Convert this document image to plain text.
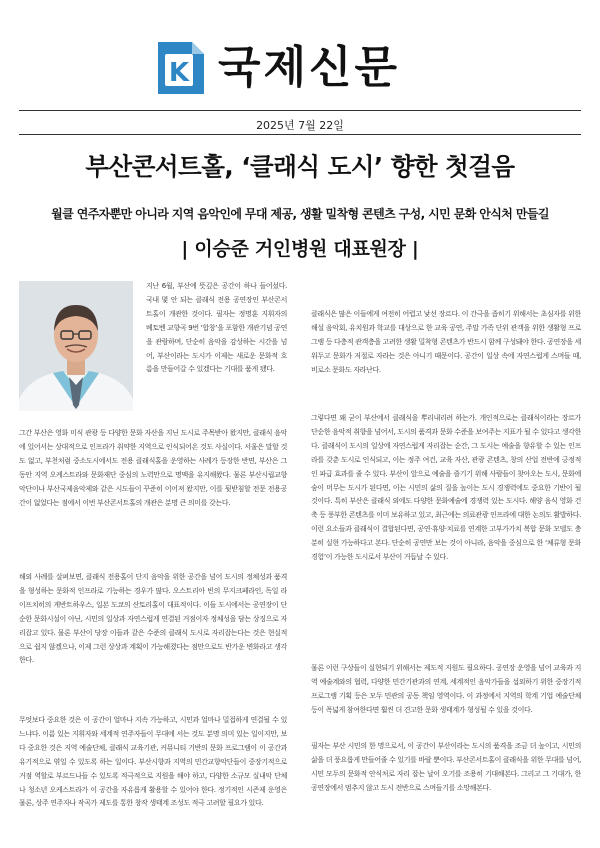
K 국제신문
2025년 7월 22일
부산콘서트홀, ‘클래식 도시’ 향한 첫걸음
월클 연주자뿐만 아니라 지역 음악인에 무대 제공, 생활 밀착형 콘텐츠 구성, 시민 문화 안식처 만들길
| 이승준 거인병원 대표원장 |

지난 6월, 부산에 뜻깊은 공간이 하나 들어섰다. 국내 몇 안 되는 클래식 전용 공연장인 부산콘서트홀이 개관한 것이다. 필자는 정명훈 지휘자의 베토벤 교향곡 9번 ‘합창’을 포함한 개관기념 공연을 관람하며, 단순히 음악을 감상하는 시간을 넘어, 부산이라는 도시가 이제는 새로운 문화적 흐름을 만들어갈 수 있겠다는 기대를 품게 됐다.

그간 부산은 영화 미식 관광 등 다양한 문화 자산을 지닌 도시로 주목받아 왔지만, 클래식 음악에 있어서는 상대적으로 인프라가 취약한 지역으로 인식되어온 것도 사실이다. 서울은 말할 것도 없고, 부천처럼 중소도시에서도 전용 클래식홀을 운영하는 사례가 등장한 반면, 부산은 그동안 지역 오케스트라와 문화재단 중심의 노력만으로 명맥을 유지해왔다. 물론 부산시립교향악단이나 부산국제음악제와 같은 시도들이 꾸준히 이어져 왔지만, 이를 뒷받침할 전문 전용공간이 없었다는 점에서 이번 부산콘서트홀의 개관은 분명 큰 의미를 갖는다.

해외 사례를 살펴보면, 클래식 전용홀이 단지 음악을 위한 공간을 넘어 도시의 정체성과 품격을 형성하는 문화적 인프라로 기능하는 경우가 많다. 오스트리아 빈의 무지크페라인, 독일 라이프치히의 게반트하우스, 일본 도쿄의 산토리홀이 대표적이다. 이들 도시에서는 공연장이 단순한 문화시설이 아닌, 시민의 일상과 자연스럽게 연결된 거점이자 정체성을 담는 상징으로 자리잡고 있다. 물론 부산이 당장 이들과 같은 수준의 클래식 도시로 자리잡는다는 것은 현실적으로 쉽지 않겠으나, 이제 그런 상상과 계획이 가능해졌다는 점만으로도 반가운 변화라고 생각한다.

무엇보다 중요한 것은 이 공간이 얼마나 지속 가능하고, 시민과 얼마나 밀접하게 연결될 수 있느냐다. 이름 있는 지휘자와 세계적 연주자들이 무대에 서는 것도 분명 의미 있는 일이지만, 보다 중요한 것은 지역 예술단체, 클래식 교육기관, 커뮤니티 기반의 문화 프로그램이 이 공간과 유기적으로 엮일 수 있도록 하는 일이다. 부산시향과 지역의 민간교향악단들이 중장기적으로 거점 역할로 부르드나들 수 있도록 적극적으로 지원을 해야 하고, 다양한 소규모 실내악 단체나 청소년 오케스트라가 이 공간을 자유롭게 활용할 수 있어야 한다. 정기적인 시즌제 운영은 물론, 상주 연주자나 작곡가 제도를 통한 창작 생태계 조성도 적극 고려할 필요가 있다.

클래식은 많은 이들에게 여전히 어렵고 낯선 장르다. 이 간극을 좁히기 위해서는 초심자를 위한 해설 음악회, 유치원과 학교를 대상으로 한 교육 공연, 주말 가족 단위 관객을 위한 생활형 프로그램 등 다층적 관객층을 고려한 생활 밀착형 콘텐츠가 반드시 함께 구성돼야 한다. 공연장을 세워두고 문화가 저절로 자라는 것은 아니기 때문이다. 공간이 일상 속에 자연스럽게 스며들 때, 비로소 문화도 자라난다.

그렇다면 왜 굳이 부산에서 클래식을 뿌리내리려 하는가. 개인적으로는 클래식이라는 장르가 단순한 음악적 취향을 넘어서, 도시의 품격과 문화 수준을 보여주는 지표가 될 수 있다고 생각한다. 클래식이 도시의 일상에 자연스럽게 자리잡는 순간, 그 도시는 예술을 향유할 수 있는 인프라를 갖춘 도시로 인식되고, 이는 정주 여건, 교육 자산, 관광 콘텐츠, 창의 산업 전반에 긍정적인 파급 효과를 줄 수 있다. 부산이 앞으로 예술을 즐기기 위해 사람들이 찾아오는 도시, 문화에 숨이 머무는 도시가 된다면, 이는 시민의 삶의 질을 높이는 도시 경쟁력에도 중요한 기반이 될 것이다. 특히 부산은 클래식 외에도 다양한 문화예술에 경쟁력 있는 도시다. 해양 음식 영화 건축 등 풍부한 콘텐츠를 이미 보유하고 있고, 최근에는 의료관광 인프라에 대한 논의도 활발하다. 이런 요소들과 클래식이 결합된다면, 공연·휴양·치료를 연계한 고부가가치 복합 문화 모델도 충분히 실현 가능하다고 본다. 단순히 공연만 보는 것이 아니라, 음악을 중심으로 한 ‘체류형 문화경험’이 가능한 도시로서 부산이 거듭날 수 있다.

물론 이런 구상들이 실현되기 위해서는 제도적 지원도 필요하다. 공연장 운영을 넘어 교육과 지역 예술계와의 협력, 다양한 민간기관과의 연계, 세계적인 음악가들을 섭외하기 위한 중장기적 프로그램 기획 등은 모두 민관의 공동 책임 영역이다. 이 과정에서 지역의 학계 기업 예술단체 등이 폭넓게 참여한다면 훨씬 더 견고한 문화 생태계가 형성될 수 있을 것이다.

필자는 부산 시민의 한 명으로서, 이 공간이 부산이라는 도시의 품격을 조금 더 높이고, 시민의 삶을 더 풍요롭게 만들어줄 수 있기를 바랄 뿐이다. 부산콘서트홀이 클래식을 위한 무대를 넘어, 시민 모두의 문화적 안식처로 자리 잡는 날이 오기를 조용히 기대해본다. 그리고 그 기대가, 한 공연장에서 멈추지 않고 도시 전반으로 스며들기를 소망해본다.
